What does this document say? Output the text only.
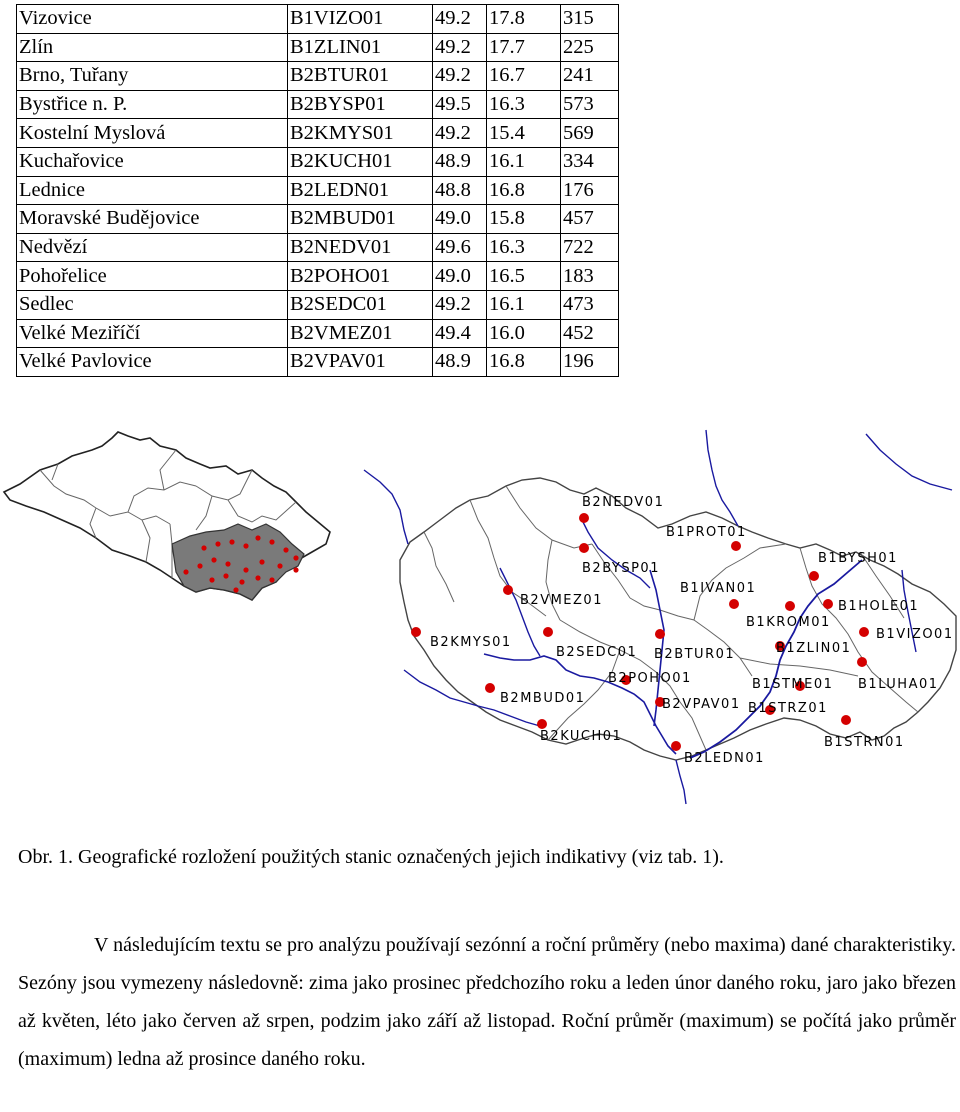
Vizovice	B1VIZO01	49.2	17.8	315
Zlín	B1ZLIN01	49.2	17.7	225
Brno, Tuřany	B2BTUR01	49.2	16.7	241
Bystřice n. P.	B2BYSP01	49.5	16.3	573
Kostelní Myslová	B2KMYS01	49.2	15.4	569
Kuchařovice	B2KUCH01	48.9	16.1	334
Lednice	B2LEDN01	48.8	16.8	176
Moravské Budějovice	B2MBUD01	49.0	15.8	457
Nedvězí	B2NEDV01	49.6	16.3	722
Pohořelice	B2POHO01	49.0	16.5	183
Sedlec	B2SEDC01	49.2	16.1	473
Velké Meziříčí	B2VMEZ01	49.4	16.0	452
Velké Pavlovice	B2VPAV01	48.9	16.8	196
B2NEDV01
B1PROT01
B2BYSP01
B1IVAN01
B1BYSH01
B2VMEZ01	B1HOLE01
B1KROM01
B1VIZO01
B2KMYS01
B2SEDC01 B2BTUR01	B1ZLIN01
B2POHO01	B1STME01 B1LUHA01
B2MBUD01	B2VPAV01 B1STRZ01
B2KUCH01	B1STRN01
B2LEDN01

Obr. 1. Geografické rozložení použitých stanic označených jejich indikativy (viz tab. 1).

V následujícím textu se pro analýzu používají sezónní a roční průměry (nebo maxima) dané charakteristiky. Sezóny jsou vymezeny následovně: zima jako prosinec předchozího roku a leden únor daného roku, jaro jako březen až květen, léto jako červen až srpen, podzim jako září až listopad. Roční průměr (maximum) se počítá jako průměr (maximum) ledna až prosince daného roku.
